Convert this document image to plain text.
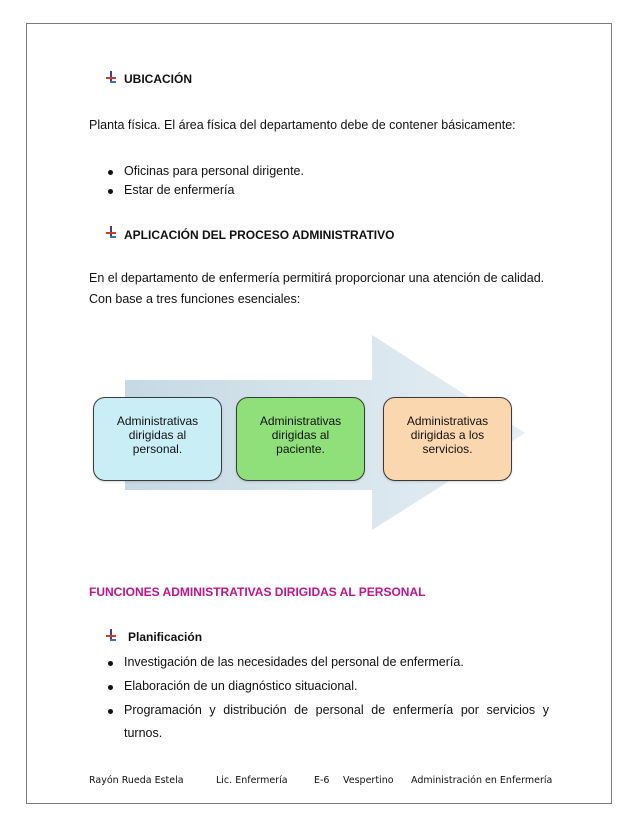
UBICACIÓN
Planta física. El área física del departamento debe de contener básicamente:
Oficinas para personal dirigente.
Estar de enfermería
APLICACIÓN DEL PROCESO ADMINISTRATIVO
En el departamento de enfermería permitirá proporcionar una atención de calidad.
Con base a tres funciones esenciales:
Administrativas
dirigidas al
personal.
Administrativas
dirigidas al
paciente.
Administrativas
dirigidas a los
servicios.
FUNCIONES ADMINISTRATIVAS DIRIGIDAS AL PERSONAL
Planificación
Investigación de las necesidades del personal de enfermería.
Elaboración de un diagnóstico situacional.
Programación y distribución de personal de enfermería por servicios y
turnos.
Rayón Rueda Estela	Lic. Enfermería	E-6 Vespertino Administración en Enfermería
